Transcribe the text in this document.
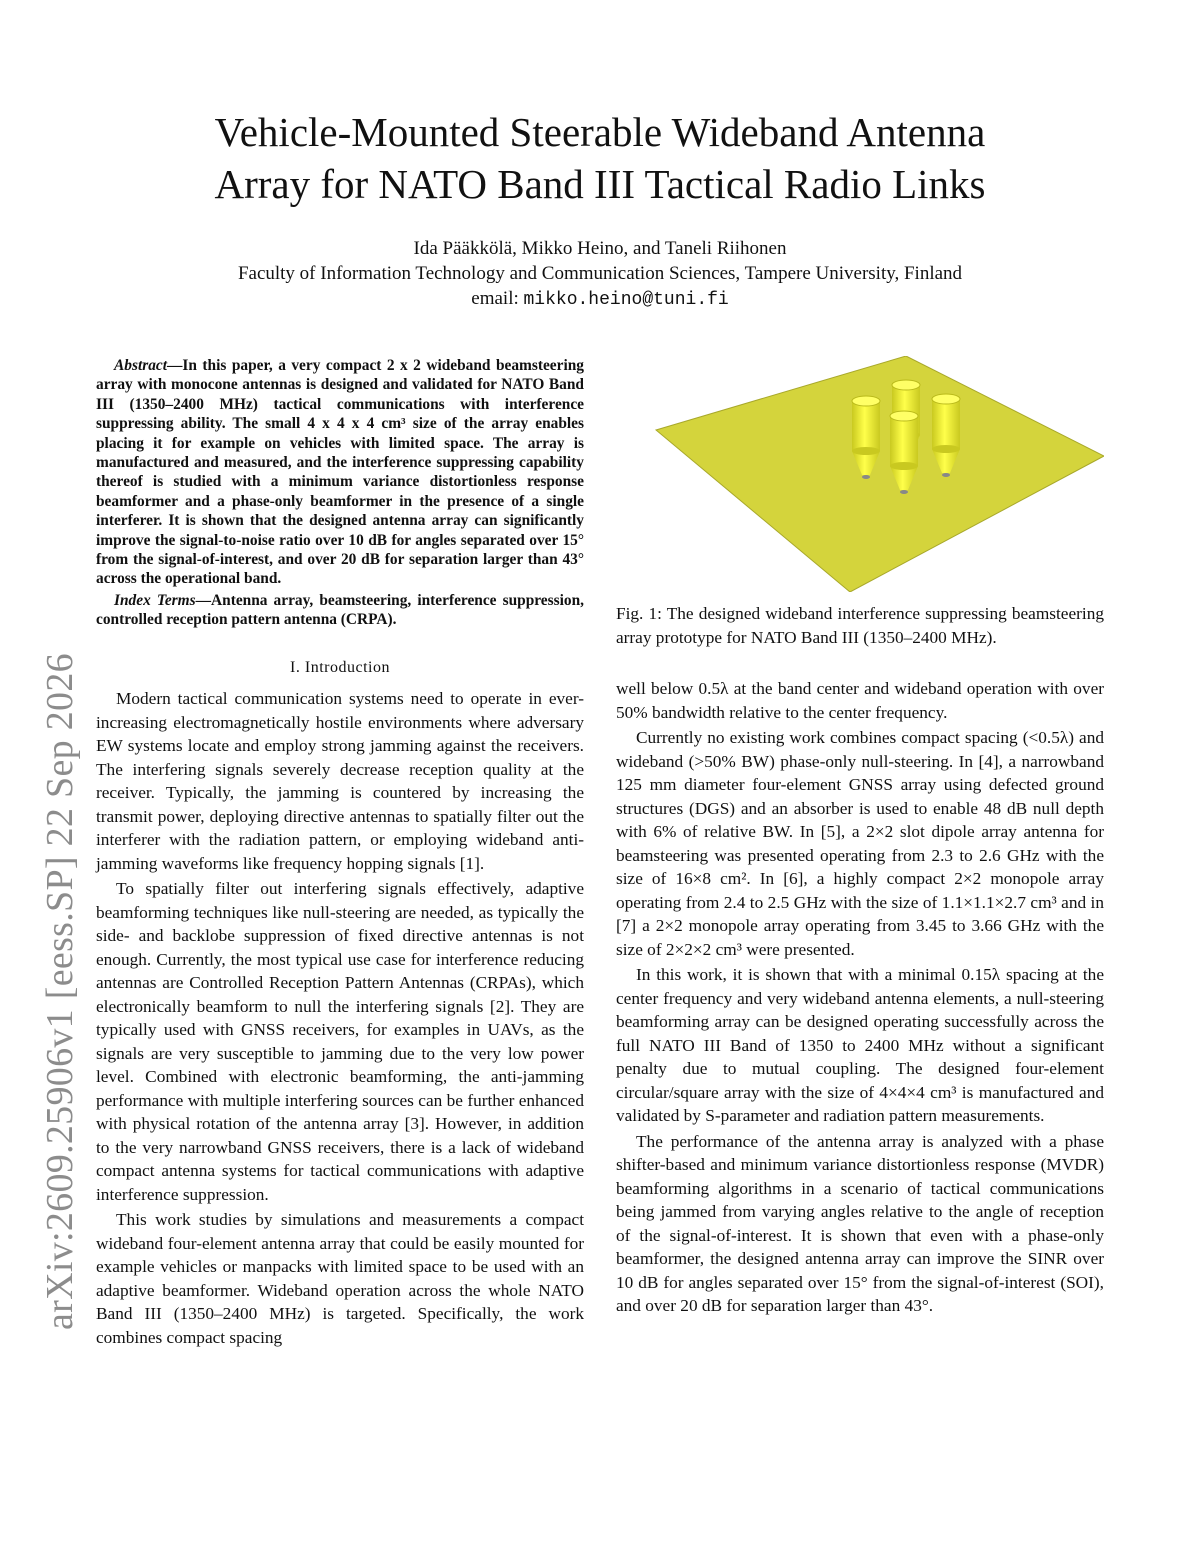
arXiv:2609.25906v1 [eess.SP] 22 Sep 2026
Vehicle-Mounted Steerable Wideband Antenna
Array for NATO Band III Tactical Radio Links
Ida Pääkkölä, Mikko Heino, and Taneli Riihonen
Faculty of Information Technology and Communication Sciences, Tampere University, Finland
email: mikko.heino@tuni.fi

Abstract—In this paper, a very compact 2 x 2 wideband beamsteering array with monocone antennas is designed and validated for NATO Band III (1350–2400 MHz) tactical communications with interference suppressing ability. The small 4 x 4 x 4 cm³ size of the array enables placing it for example on vehicles with limited space. The array is manufactured and measured, and the interference suppressing capability thereof is studied with a minimum variance distortionless response beamformer and a phase-only beamformer in the presence of a single interferer. It is shown that the designed antenna array can significantly improve the signal-to-noise ratio over 10 dB for angles separated over 15° from the signal-of-interest, and over 20 dB for separation larger than 43° across the operational band.

Index Terms—Antenna array, beamsteering, interference suppression, controlled reception pattern antenna (CRPA).

I. Introduction

Modern tactical communication systems need to operate in ever-increasing electromagnetically hostile environments where adversary EW systems locate and employ strong jamming against the receivers. The interfering signals severely decrease reception quality at the receiver. Typically, the jamming is countered by increasing the transmit power, deploying directive antennas to spatially filter out the interferer with the radiation pattern, or employing wideband anti-jamming waveforms like frequency hopping signals [1].

To spatially filter out interfering signals effectively, adaptive beamforming techniques like null-steering are needed, as typically the side- and backlobe suppression of fixed directive antennas is not enough. Currently, the most typical use case for interference reducing antennas are Controlled Reception Pattern Antennas (CRPAs), which electronically beamform to null the interfering signals [2]. They are typically used with GNSS receivers, for examples in UAVs, as the signals are very susceptible to jamming due to the very low power level. Combined with electronic beamforming, the anti-jamming performance with multiple interfering sources can be further enhanced with physical rotation of the antenna array [3]. However, in addition to the very narrowband GNSS receivers, there is a lack of wideband compact antenna systems for tactical communications with adaptive interference suppression.

This work studies by simulations and measurements a compact wideband four-element antenna array that could be easily mounted for example vehicles or manpacks with limited space to be used with an adaptive beamformer. Wideband operation across the whole NATO Band III (1350–2400 MHz) is targeted. Specifically, the work combines compact spacing

Fig. 1: The designed wideband interference suppressing beamsteering array prototype for NATO Band III (1350–2400 MHz).

well below 0.5λ at the band center and wideband operation with over 50% bandwidth relative to the center frequency.

Currently no existing work combines compact spacing (<0.5λ) and wideband (>50% BW) phase-only null-steering. In [4], a narrowband 125 mm diameter four-element GNSS array using defected ground structures (DGS) and an absorber is used to enable 48 dB null depth with 6% of relative BW. In [5], a 2×2 slot dipole array antenna for beamsteering was presented operating from 2.3 to 2.6 GHz with the size of 16×8 cm². In [6], a highly compact 2×2 monopole array operating from 2.4 to 2.5 GHz with the size of 1.1×1.1×2.7 cm³ and in [7] a 2×2 monopole array operating from 3.45 to 3.66 GHz with the size of 2×2×2 cm³ were presented.

In this work, it is shown that with a minimal 0.15λ spacing at the center frequency and very wideband antenna elements, a null-steering beamforming array can be designed operating successfully across the full NATO III Band of 1350 to 2400 MHz without a significant penalty due to mutual coupling. The designed four-element circular/square array with the size of 4×4×4 cm³ is manufactured and validated by S-parameter and radiation pattern measurements.

The performance of the antenna array is analyzed with a phase shifter-based and minimum variance distortionless response (MVDR) beamforming algorithms in a scenario of tactical communications being jammed from varying angles relative to the angle of reception of the signal-of-interest. It is shown that even with a phase-only beamformer, the designed antenna array can improve the SINR over 10 dB for angles separated over 15° from the signal-of-interest (SOI), and over 20 dB for separation larger than 43°.
